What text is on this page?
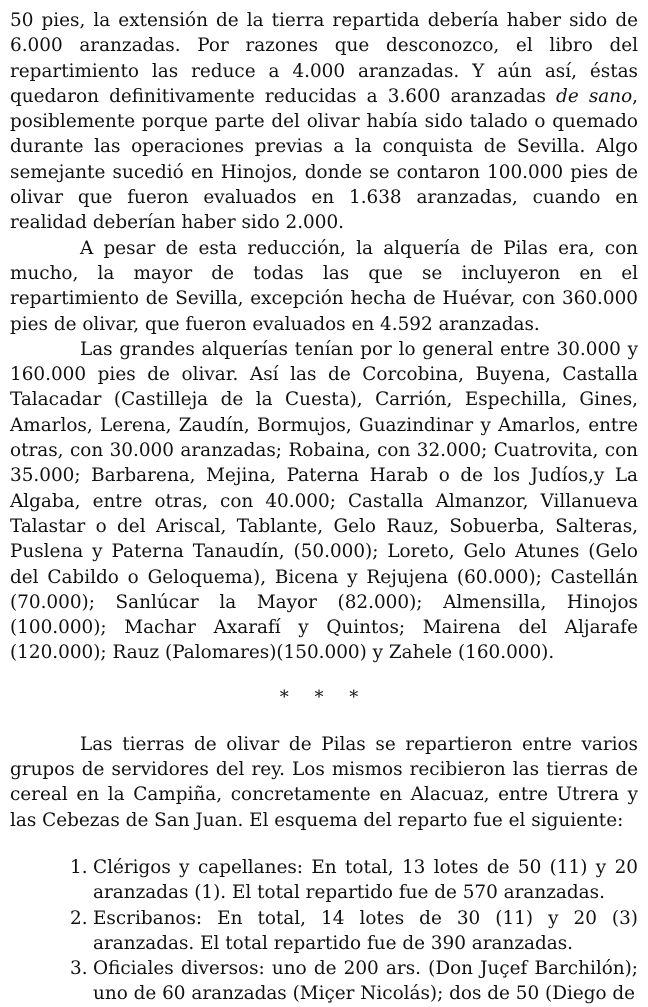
50 pies, la extensión de la tierra repartida debería haber sido de 6.000 aranzadas. Por razones que desconozco, el libro del repartimiento las reduce a 4.000 aranzadas. Y aún así, éstas quedaron definitivamente reducidas a 3.600 aranzadas de sano, posiblemente porque parte del olivar había sido talado o quemado durante las operaciones previas a la conquista de Sevilla. Algo semejante sucedió en Hinojos, donde se contaron 100.000 pies de olivar que fueron evaluados en 1.638 aranzadas, cuando en realidad deberían haber sido 2.000.

A pesar de esta reducción, la alquería de Pilas era, con mucho, la mayor de todas las que se incluyeron en el repartimiento de Sevilla, excepción hecha de Huévar, con 360.000 pies de olivar, que fueron evaluados en 4.592 aranzadas.

Las grandes alquerías tenían por lo general entre 30.000 y 160.000 pies de olivar. Así las de Corcobina, Buyena, Castalla Talacadar (Castilleja de la Cuesta), Carrión, Espechilla, Gines, Amarlos, Lerena, Zaudín, Bormujos, Guazindinar y Amarlos, entre otras, con 30.000 aranzadas; Robaina, con 32.000; Cuatrovita, con 35.000; Barbarena, Mejina, Paterna Harab o de los Judíos,y La Algaba, entre otras, con 40.000; Castalla Almanzor, Villanueva Talastar o del Ariscal, Tablante, Gelo Rauz, Sobuerba, Salteras, Puslena y Paterna Tanaudín, (50.000); Loreto, Gelo Atunes (Gelo del Cabildo o Geloquema), Bicena y Rejujena (60.000); Castellán (70.000); Sanlúcar la Mayor (82.000); Almensilla, Hinojos (100.000); Machar Axarafí y Quintos; Mairena del Aljarafe (120.000); Rauz (Palomares)(150.000) y Zahele (160.000).

* * *

Las tierras de olivar de Pilas se repartieron entre varios grupos de servidores del rey. Los mismos recibieron las tierras de cereal en la Campiña, concretamente en Alacuaz, entre Utrera y las Cebezas de San Juan. El esquema del reparto fue el siguiente:

1. Clérigos y capellanes: En total, 13 lotes de 50 (11) y 20 aranzadas (1). El total repartido fue de 570 aranzadas.
2. Escribanos: En total, 14 lotes de 30 (11) y 20 (3) aranzadas. El total repartido fue de 390 aranzadas.
3. Oficiales diversos: uno de 200 ars. (Don Juçef Barchilón); uno de 60 aranzadas (Miçer Nicolás); dos de 50 (Diego de
